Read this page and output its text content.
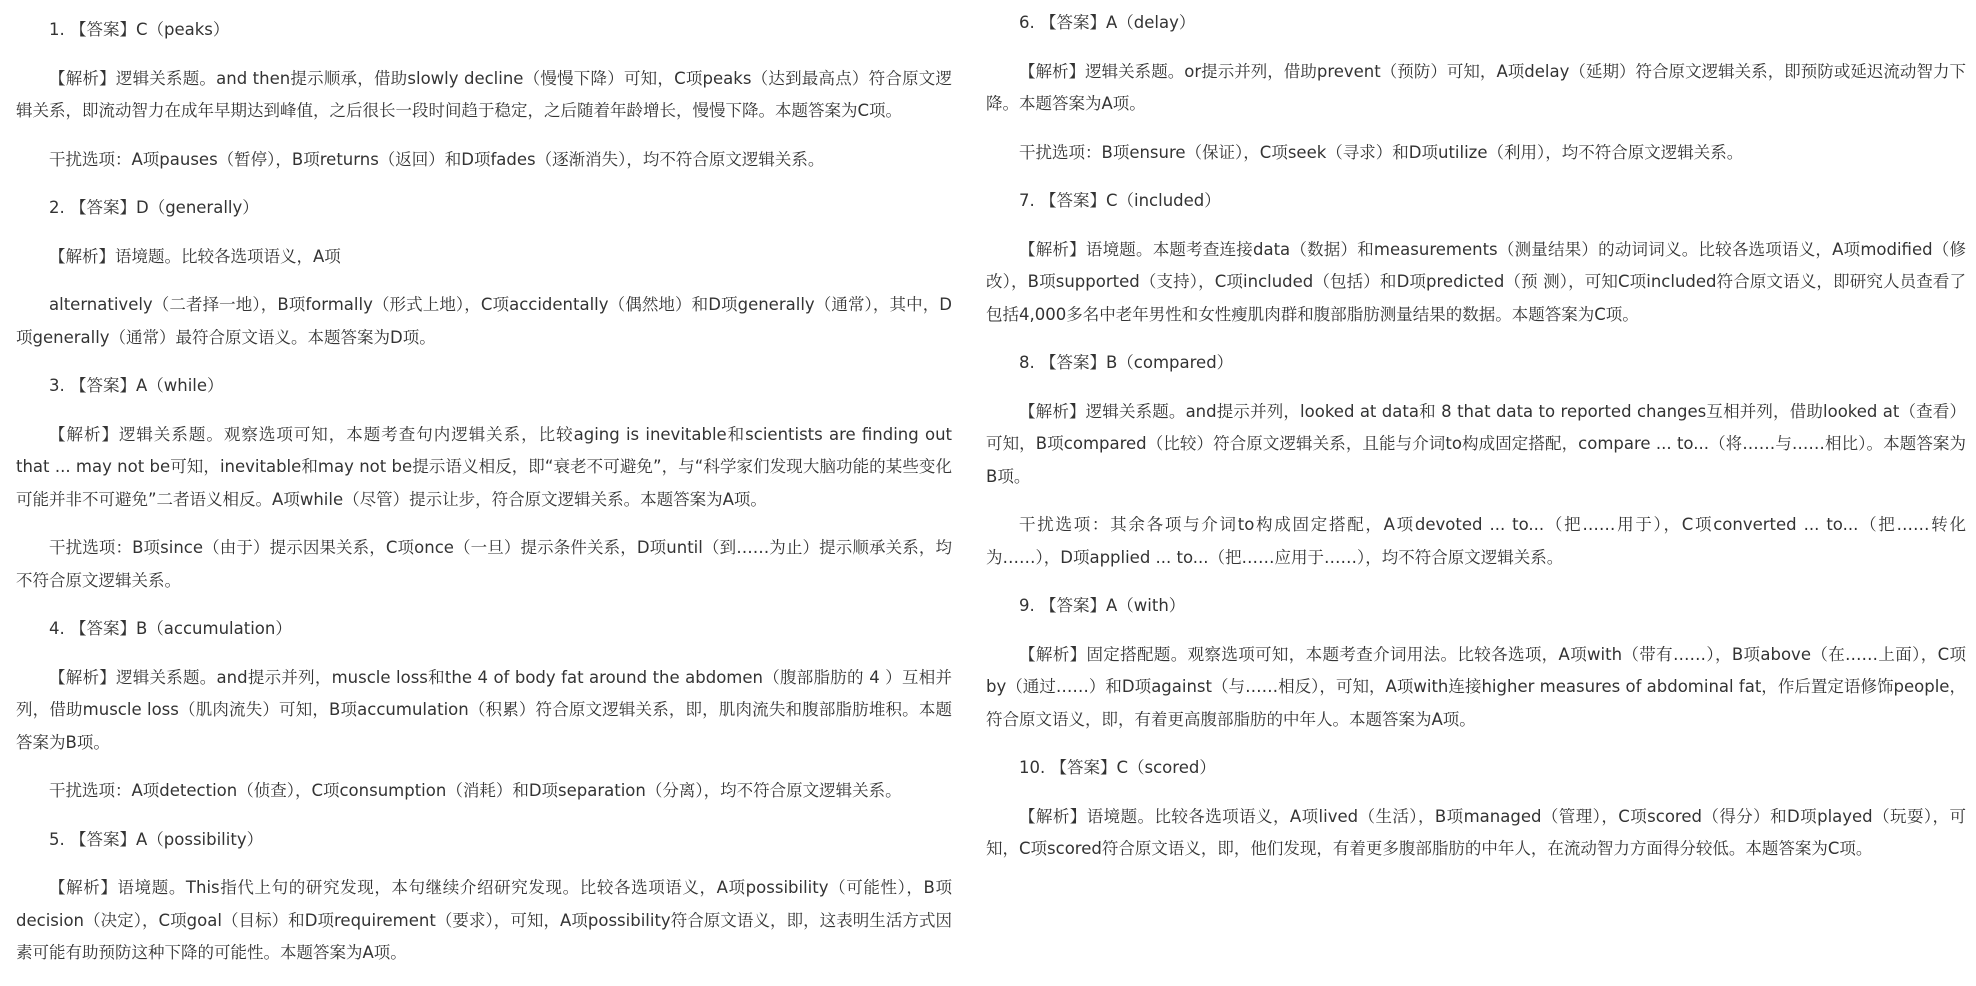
1. 【答案】C（peaks）

【解析】逻辑关系题。and then提示顺承，借助slowly decline（慢慢下降）可知，C项peaks（达到最高点）符合原文逻辑关系，即流动智力在成年早期达到峰值，之后很长一段时间趋于稳定，之后随着年龄增长，慢慢下降。本题答案为C项。

干扰选项：A项pauses（暂停），B项returns（返回）和D项fades（逐渐消失），均不符合原文逻辑关系。

2. 【答案】D（generally）

【解析】语境题。比较各选项语义，A项

alternatively（二者择一地），B项formally（形式上地），C项accidentally（偶然地）和D项generally（通常），其中，D项generally（通常）最符合原文语义。本题答案为D项。

3. 【答案】A（while）

【解析】逻辑关系题。观察选项可知，本题考查句内逻辑关系，比较aging is inevitable和scientists are finding out that ... may not be可知，inevitable和may not be提示语义相反，即“衰老不可避免”，与“科学家们发现大脑功能的某些变化可能并非不可避免”二者语义相反。A项while（尽管）提示让步，符合原文逻辑关系。本题答案为A项。

干扰选项：B项since（由于）提示因果关系，C项once（一旦）提示条件关系，D项until（到……为止）提示顺承关系，均不符合原文逻辑关系。

4. 【答案】B（accumulation）

【解析】逻辑关系题。and提示并列，muscle loss和the 4 of body fat around the abdomen（腹部脂肪的 4 ）互相并列，借助muscle loss（肌肉流失）可知，B项accumulation（积累）符合原文逻辑关系，即，肌肉流失和腹部脂肪堆积。本题答案为B项。

干扰选项：A项detection（侦查），C项consumption（消耗）和D项separation（分离），均不符合原文逻辑关系。

5. 【答案】A（possibility）

【解析】语境题。This指代上句的研究发现，本句继续介绍研究发现。比较各选项语义，A项possibility（可能性），B项decision（决定），C项goal（目标）和D项requirement（要求），可知，A项possibility符合原文语义，即，这表明生活方式因素可能有助预防这种下降的可能性。本题答案为A项。

6. 【答案】A（delay）

【解析】逻辑关系题。or提示并列，借助prevent（预防）可知，A项delay（延期）符合原文逻辑关系，即预防或延迟流动智力下降。本题答案为A项。

干扰选项：B项ensure（保证），C项seek（寻求）和D项utilize（利用），均不符合原文逻辑关系。

7. 【答案】C（included）

【解析】语境题。本题考查连接data（数据）和measurements（测量结果）的动词词义。比较各选项语义，A项modified（修改），B项supported（支持），C项included（包括）和D项predicted（预 测），可知C项included符合原文语义，即研究人员查看了包括4,000多名中老年男性和女性瘦肌肉群和腹部脂肪测量结果的数据。本题答案为C项。

8. 【答案】B（compared）

【解析】逻辑关系题。and提示并列，looked at data和 8 that data to reported changes互相并列，借助looked at（查看）可知，B项compared（比较）符合原文逻辑关系，且能与介词to构成固定搭配，compare ... to...（将……与……相比）。本题答案为B项。

干扰选项：其余各项与介词to构成固定搭配，A项devoted ... to...（把……用于），C项converted ... to...（把……转化为……），D项applied ... to...（把……应用于……），均不符合原文逻辑关系。

9. 【答案】A（with）

【解析】固定搭配题。观察选项可知，本题考查介词用法。比较各选项，A项with（带有……），B项above（在……上面），C项by（通过……）和D项against（与……相反），可知，A项with连接higher measures of abdominal fat，作后置定语修饰people，符合原文语义，即，有着更高腹部脂肪的中年人。本题答案为A项。

10. 【答案】C（scored）

【解析】语境题。比较各选项语义，A项lived（生活），B项managed（管理），C项scored（得分）和D项played（玩耍），可知，C项scored符合原文语义，即，他们发现，有着更多腹部脂肪的中年人，在流动智力方面得分较低。本题答案为C项。
